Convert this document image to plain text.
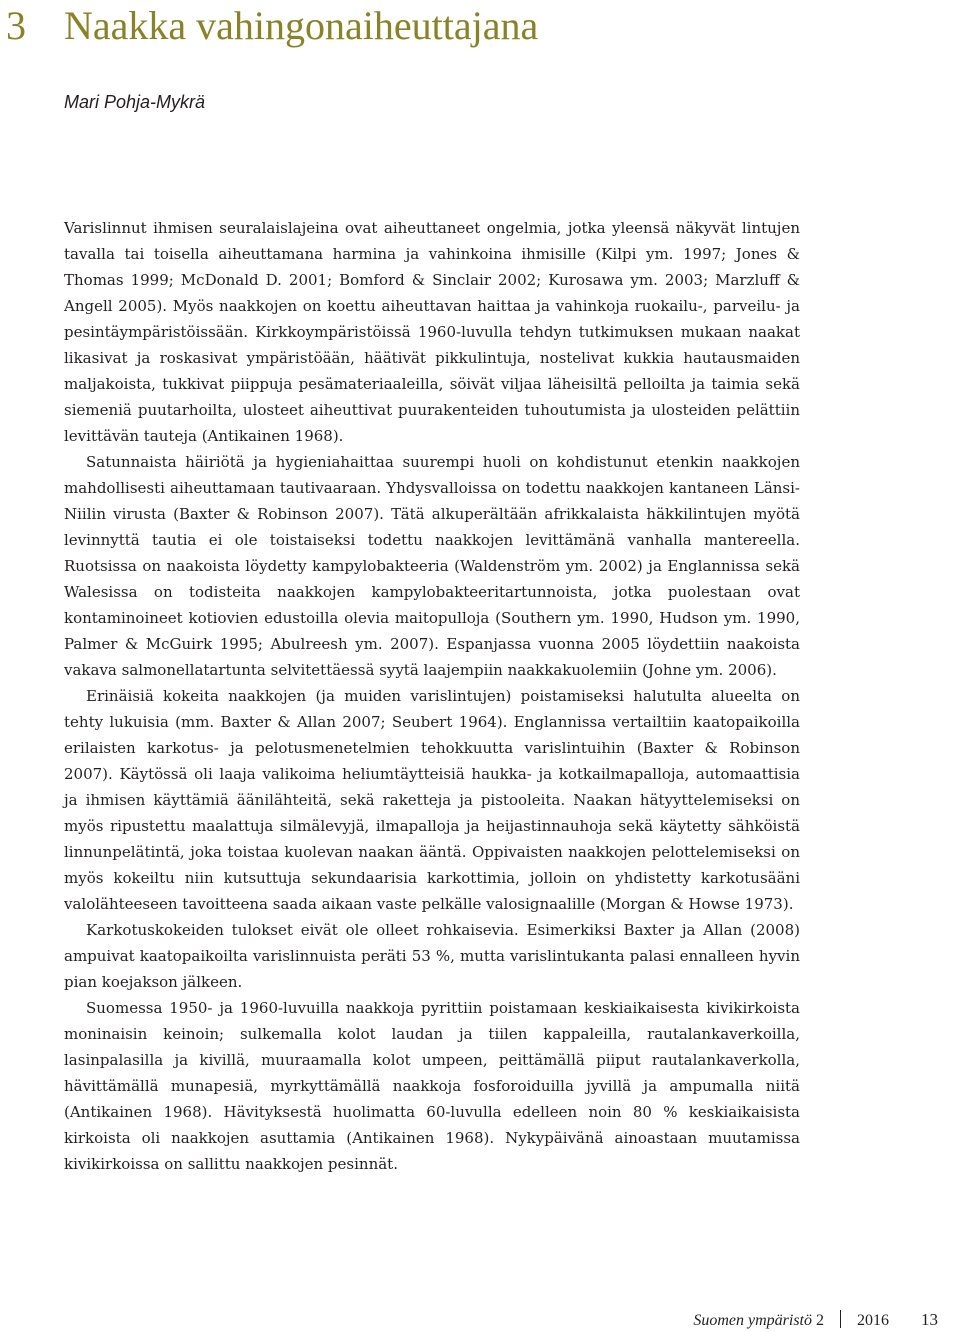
3 Naakka vahingonaiheuttajana

Mari Pohja-Mykrä

Varislinnut ihmisen seuralaislajeina ovat aiheuttaneet ongelmia, jotka yleensä näkyvät lintujen tavalla tai toisella aiheuttamana harmina ja vahinkoina ihmisille (Kilpi ym. 1997; Jones & Thomas 1999; McDonald D. 2001; Bomford & Sinclair 2002; Kurosawa ym. 2003; Marzluff & Angell 2005). Myös naakkojen on koettu aiheuttavan haittaa ja vahinkoja ruokailu-, parveilu- ja pesintäympäristöissään. Kirkkoympäristöissä 1960-luvulla tehdyn tutkimuksen mukaan naakat likasivat ja roskasivat ympäristöään, häätivät pikkulintuja, nostelivat kukkia hautausmaiden maljakoista, tukkivat piippuja pesämateriaaleilla, söivät viljaa läheisiltä pelloilta ja taimia sekä siemeniä puutarhoilta, ulosteet aiheuttivat puurakenteiden tuhoutumista ja ulosteiden pelättiin levittävän tauteja (Antikainen 1968).

Satunnaista häiriötä ja hygieniahaittaa suurempi huoli on kohdistunut etenkin naakkojen mahdollisesti aiheuttamaan tautivaaraan. Yhdysvalloissa on todettu naakkojen kantaneen Länsi-Niilin virusta (Baxter & Robinson 2007). Tätä alkuperältään afrikkalaista häkkilintujen myötä levinnyttä tautia ei ole toistaiseksi todettu naakkojen levittämänä vanhalla mantereella. Ruotsissa on naakoista löydetty kampylobakteeria (Waldenström ym. 2002) ja Englannissa sekä Walesissa on todisteita naakkojen kampylobakteeritartunnoista, jotka puolestaan ovat kontaminoineet kotiovien edustoilla olevia maitopulloja (Southern ym. 1990, Hudson ym. 1990, Palmer & McGuirk 1995; Abulreesh ym. 2007). Espanjassa vuonna 2005 löydettiin naakoista vakava salmonellatartunta selvitettäessä syytä laajempiin naakkakuolemiin (Johne ym. 2006).

Erinäisiä kokeita naakkojen (ja muiden varislintujen) poistamiseksi halutulta alueelta on tehty lukuisia (mm. Baxter & Allan 2007; Seubert 1964). Englannissa vertailtiin kaatopaikoilla erilaisten karkotus- ja pelotusmenetelmien tehokkuutta varislintuihin (Baxter & Robinson 2007). Käytössä oli laaja valikoima heliumtäytteisiä haukka- ja kotkailmapalloja, automaattisia ja ihmisen käyttämiä äänilähteitä, sekä raketteja ja pistooleita. Naakan hätyyttelemiseksi on myös ripustettu maalattuja silmälevyjä, ilmapalloja ja heijastinnauhoja sekä käytetty sähköistä linnunpelätintä, joka toistaa kuolevan naakan ääntä. Oppivaisten naakkojen pelottelemiseksi on myös kokeiltu niin kutsuttuja sekundaarisia karkottimia, jolloin on yhdistetty karkotusääni valolähteeseen tavoitteena saada aikaan vaste pelkälle valosignaalille (Morgan & Howse 1973).

Karkotuskokeiden tulokset eivät ole olleet rohkaisevia. Esimerkiksi Baxter ja Allan (2008) ampuivat kaatopaikoilta varislinnuista peräti 53 %, mutta varislintukanta palasi ennalleen hyvin pian koejakson jälkeen.

Suomessa 1950- ja 1960-luvuilla naakkoja pyrittiin poistamaan keskiaikaisesta kivikirkoista moninaisin keinoin; sulkemalla kolot laudan ja tiilen kappaleilla, rautalankaverkoilla, lasinpalasilla ja kivillä, muuraamalla kolot umpeen, peittämällä piiput rautalankaverkolla, hävittämällä munapesiä, myrkyttämällä naakkoja fosforoiduilla jyvillä ja ampumalla niitä (Antikainen 1968). Hävityksestä huolimatta 60-luvulla edelleen noin 80 % keskiaikaisista kirkoista oli naakkojen asuttamia (Antikainen 1968). Nykypäivänä ainoastaan muutamissa kivikirkoissa on sallittu naakkojen pesinnät.

Suomen ympäristö 2 2016 13
